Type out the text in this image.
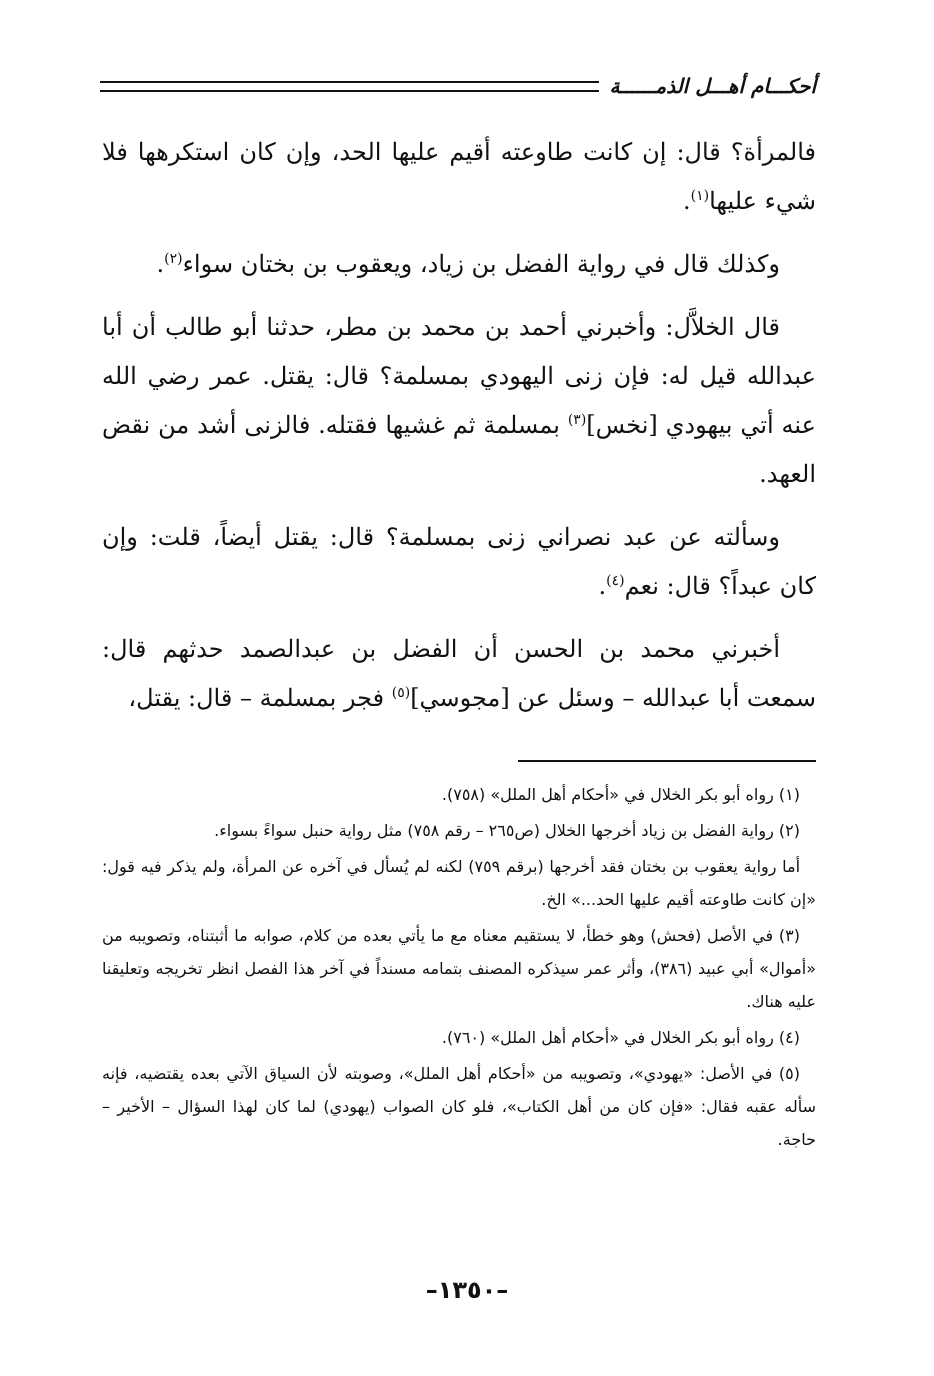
أحكـــام أهـــل الذمــــــة

فالمرأة؟ قال: إن كانت طاوعته أقيم عليها الحد، وإن كان استكرهها فلا شيء عليها$^{(١)}$.

وكذلك قال في رواية الفضل بن زياد، ويعقوب بن بختان سواء$^{(٢)}$.

قال الخلاَّل: وأخبرني أحمد بن محمد بن مطر، حدثنا أبو طالب أن أبا عبدالله قيل له: فإن زنى اليهودي بمسلمة؟ قال: يقتل. عمر رضي الله عنه أتي بيهودي [نخس]$^{(٣)}$ بمسلمة ثم غشيها فقتله. فالزنى أشد من نقض العهد.

وسألته عن عبد نصراني زنى بمسلمة؟ قال: يقتل أيضاً، قلت: وإن كان عبداً؟ قال: نعم$^{(٤)}$.

أخبرني محمد بن الحسن أن الفضل بن عبدالصمد حدثهم قال: سمعت أبا عبدالله – وسئل عن [مجوسي]$^{(٥)}$ فجر بمسلمة – قال: يقتل،

(١) رواه أبو بكر الخلال في «أحكام أهل الملل» (٧٥٨).

(٢) رواية الفضل بن زياد أخرجها الخلال (ص٢٦٥ – رقم ٧٥٨) مثل رواية حنبل سواءً بسواء.

أما رواية يعقوب بن بختان فقد أخرجها (برقم ٧٥٩) لكنه لم يُسأل في آخره عن المرأة، ولم يذكر فيه قول: «إن كانت طاوعته أقيم عليها الحد...» الخ.

(٣) في الأصل (فحش) وهو خطأ، لا يستقيم معناه مع ما يأتي بعده من كلام، صوابه ما أثبتناه، وتصويبه من «أموال» أبي عبيد (٣٨٦)، وأثر عمر سيذكره المصنف بتمامه مسنداً في آخر هذا الفصل انظر تخريجه وتعليقنا عليه هناك.

(٤) رواه أبو بكر الخلال في «أحكام أهل الملل» (٧٦٠).

(٥) في الأصل: «يهودي»، وتصويبه من «أحكام أهل الملل»، وصوبته لأن السياق الآتي بعده يقتضيه، فإنه سأله عقبه فقال: «فإن كان من أهل الكتاب»، فلو كان الصواب (يهودي) لما كان لهذا السؤال – الأخير – حاجة.

–١٣٥٠–
